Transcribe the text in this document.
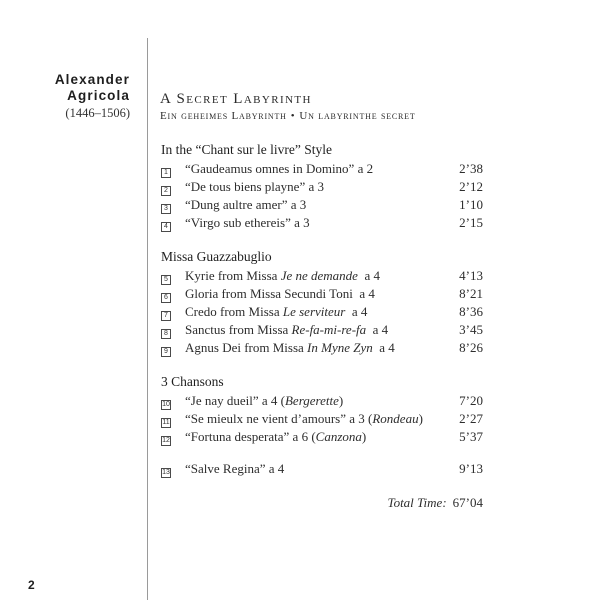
Alexander
Agricola
(1446–1506)
A Secret Labyrinth
Ein geheimes Labyrinth • Un labyrinthe secret
In the “Chant sur le livre” Style
1 “Gaudeamus omnes in Domino” a 2	2’38
2 “De tous biens playne” a 3	2’12
3 “Dung aultre amer” a 3	1’10
4 “Virgo sub ethereis” a 3	2’15
Missa Guazzabuglio
5 Kyrie from Missa Je ne demande  a 4	4’13
6 Gloria from Missa Secundi Toni  a 4	8’21
7 Credo from Missa Le serviteur  a 4	8’36
8 Sanctus from Missa Re-fa-mi-re-fa  a 4	3’45
9 Agnus Dei from Missa In Myne Zyn  a 4	8’26
3 Chansons
10 “Je nay dueil” a 4 (Bergerette)	7’20
11 “Se mieulx ne vient d’amours” a 3 (Rondeau)	2’27
12 “Fortuna desperata” a 6 (Canzona)	5’37
13 “Salve Regina” a 4	9’13
Total Time: 67’04
2
